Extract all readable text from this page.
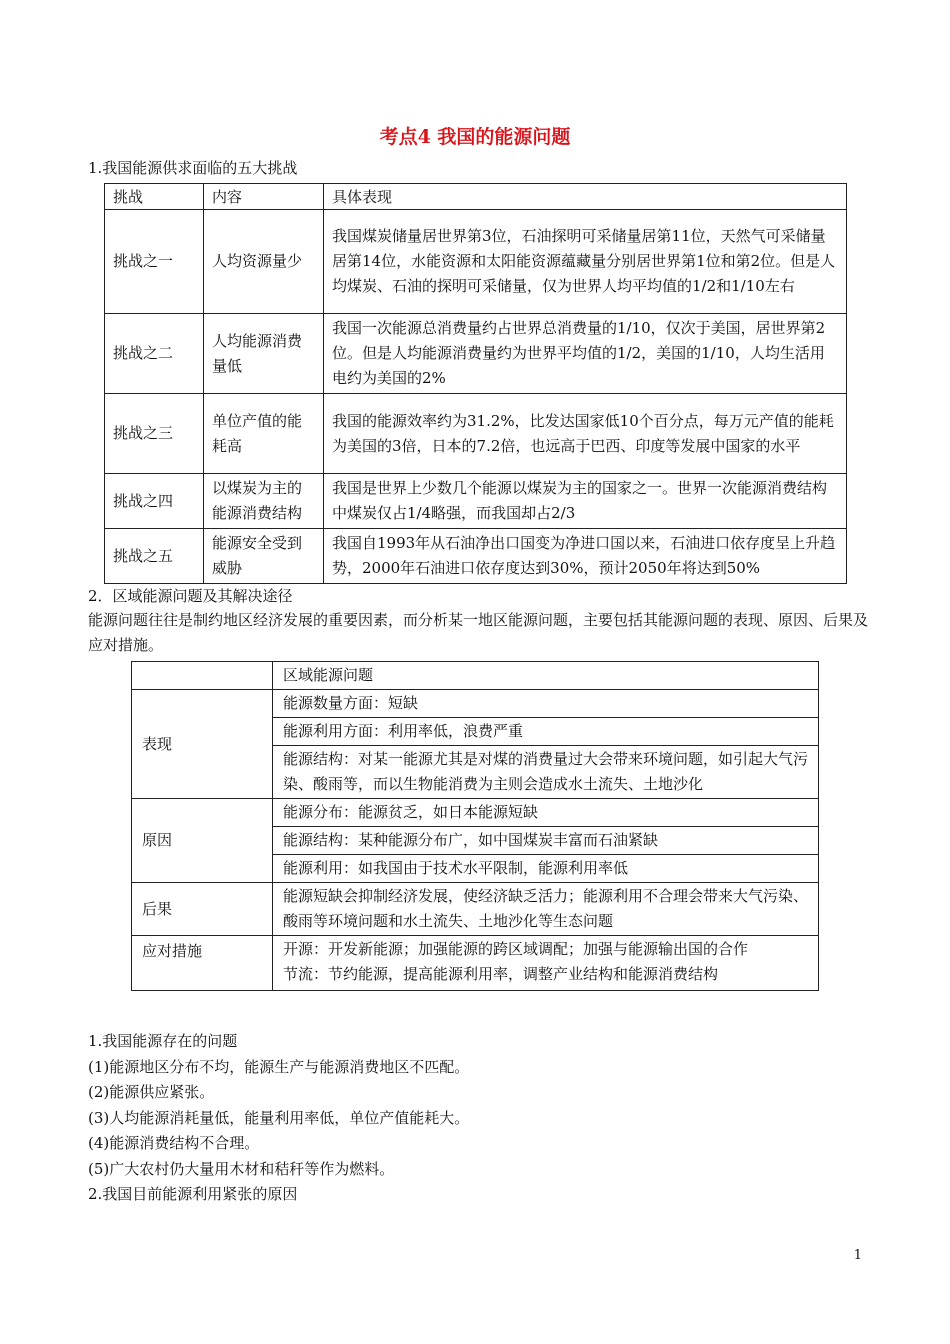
考点4 我国的能源问题
1.我国能源供求面临的五大挑战
挑战	内容	具体表现
挑战之一	人均资源量少	我国煤炭储量居世界第3位，石油探明可采储量居第11位，天然气可采储量居第14位，水能资源和太阳能资源蕴藏量分别居世界第1位和第2位。但是人均煤炭、石油的探明可采储量，仅为世界人均平均值的1/2和1/10左右
挑战之二	人均能源消费量低	我国一次能源总消费量约占世界总消费量的1/10，仅次于美国，居世界第2位。但是人均能源消费量约为世界平均值的1/2，美国的1/10，人均生活用电约为美国的2%
挑战之三	单位产值的能耗高	我国的能源效率约为31.2%，比发达国家低10个百分点，每万元产值的能耗为美国的3倍，日本的7.2倍，也远高于巴西、印度等发展中国家的水平
挑战之四	以煤炭为主的能源消费结构	我国是世界上少数几个能源以煤炭为主的国家之一。世界一次能源消费结构中煤炭仅占1/4略强，而我国却占2/3
挑战之五	能源安全受到威胁	我国自1993年从石油净出口国变为净进口国以来，石油进口依存度呈上升趋势，2000年石油进口依存度达到30%，预计2050年将达到50%
2．区域能源问题及其解决途径
能源问题往往是制约地区经济发展的重要因素，而分析某一地区能源问题，主要包括其能源问题的表现、原因、后果及应对措施。
	区域能源问题
表现	能源数量方面：短缺
	能源利用方面：利用率低，浪费严重
	能源结构：对某一能源尤其是对煤的消费量过大会带来环境问题，如引起大气污染、酸雨等，而以生物能消费为主则会造成水土流失、土地沙化
原因	能源分布：能源贫乏，如日本能源短缺
	能源结构：某种能源分布广，如中国煤炭丰富而石油紧缺
	能源利用：如我国由于技术水平限制，能源利用率低
后果	能源短缺会抑制经济发展，使经济缺乏活力；能源利用不合理会带来大气污染、酸雨等环境问题和水土流失、土地沙化等生态问题
应对措施	开源：开发新能源；加强能源的跨区域调配；加强与能源输出国的合作
节流：节约能源，提高能源利用率，调整产业结构和能源消费结构
1.我国能源存在的问题
(1)能源地区分布不均，能源生产与能源消费地区不匹配。
(2)能源供应紧张。
(3)人均能源消耗量低，能量利用率低，单位产值能耗大。
(4)能源消费结构不合理。
(5)广大农村仍大量用木材和秸秆等作为燃料。
2.我国目前能源利用紧张的原因
1
